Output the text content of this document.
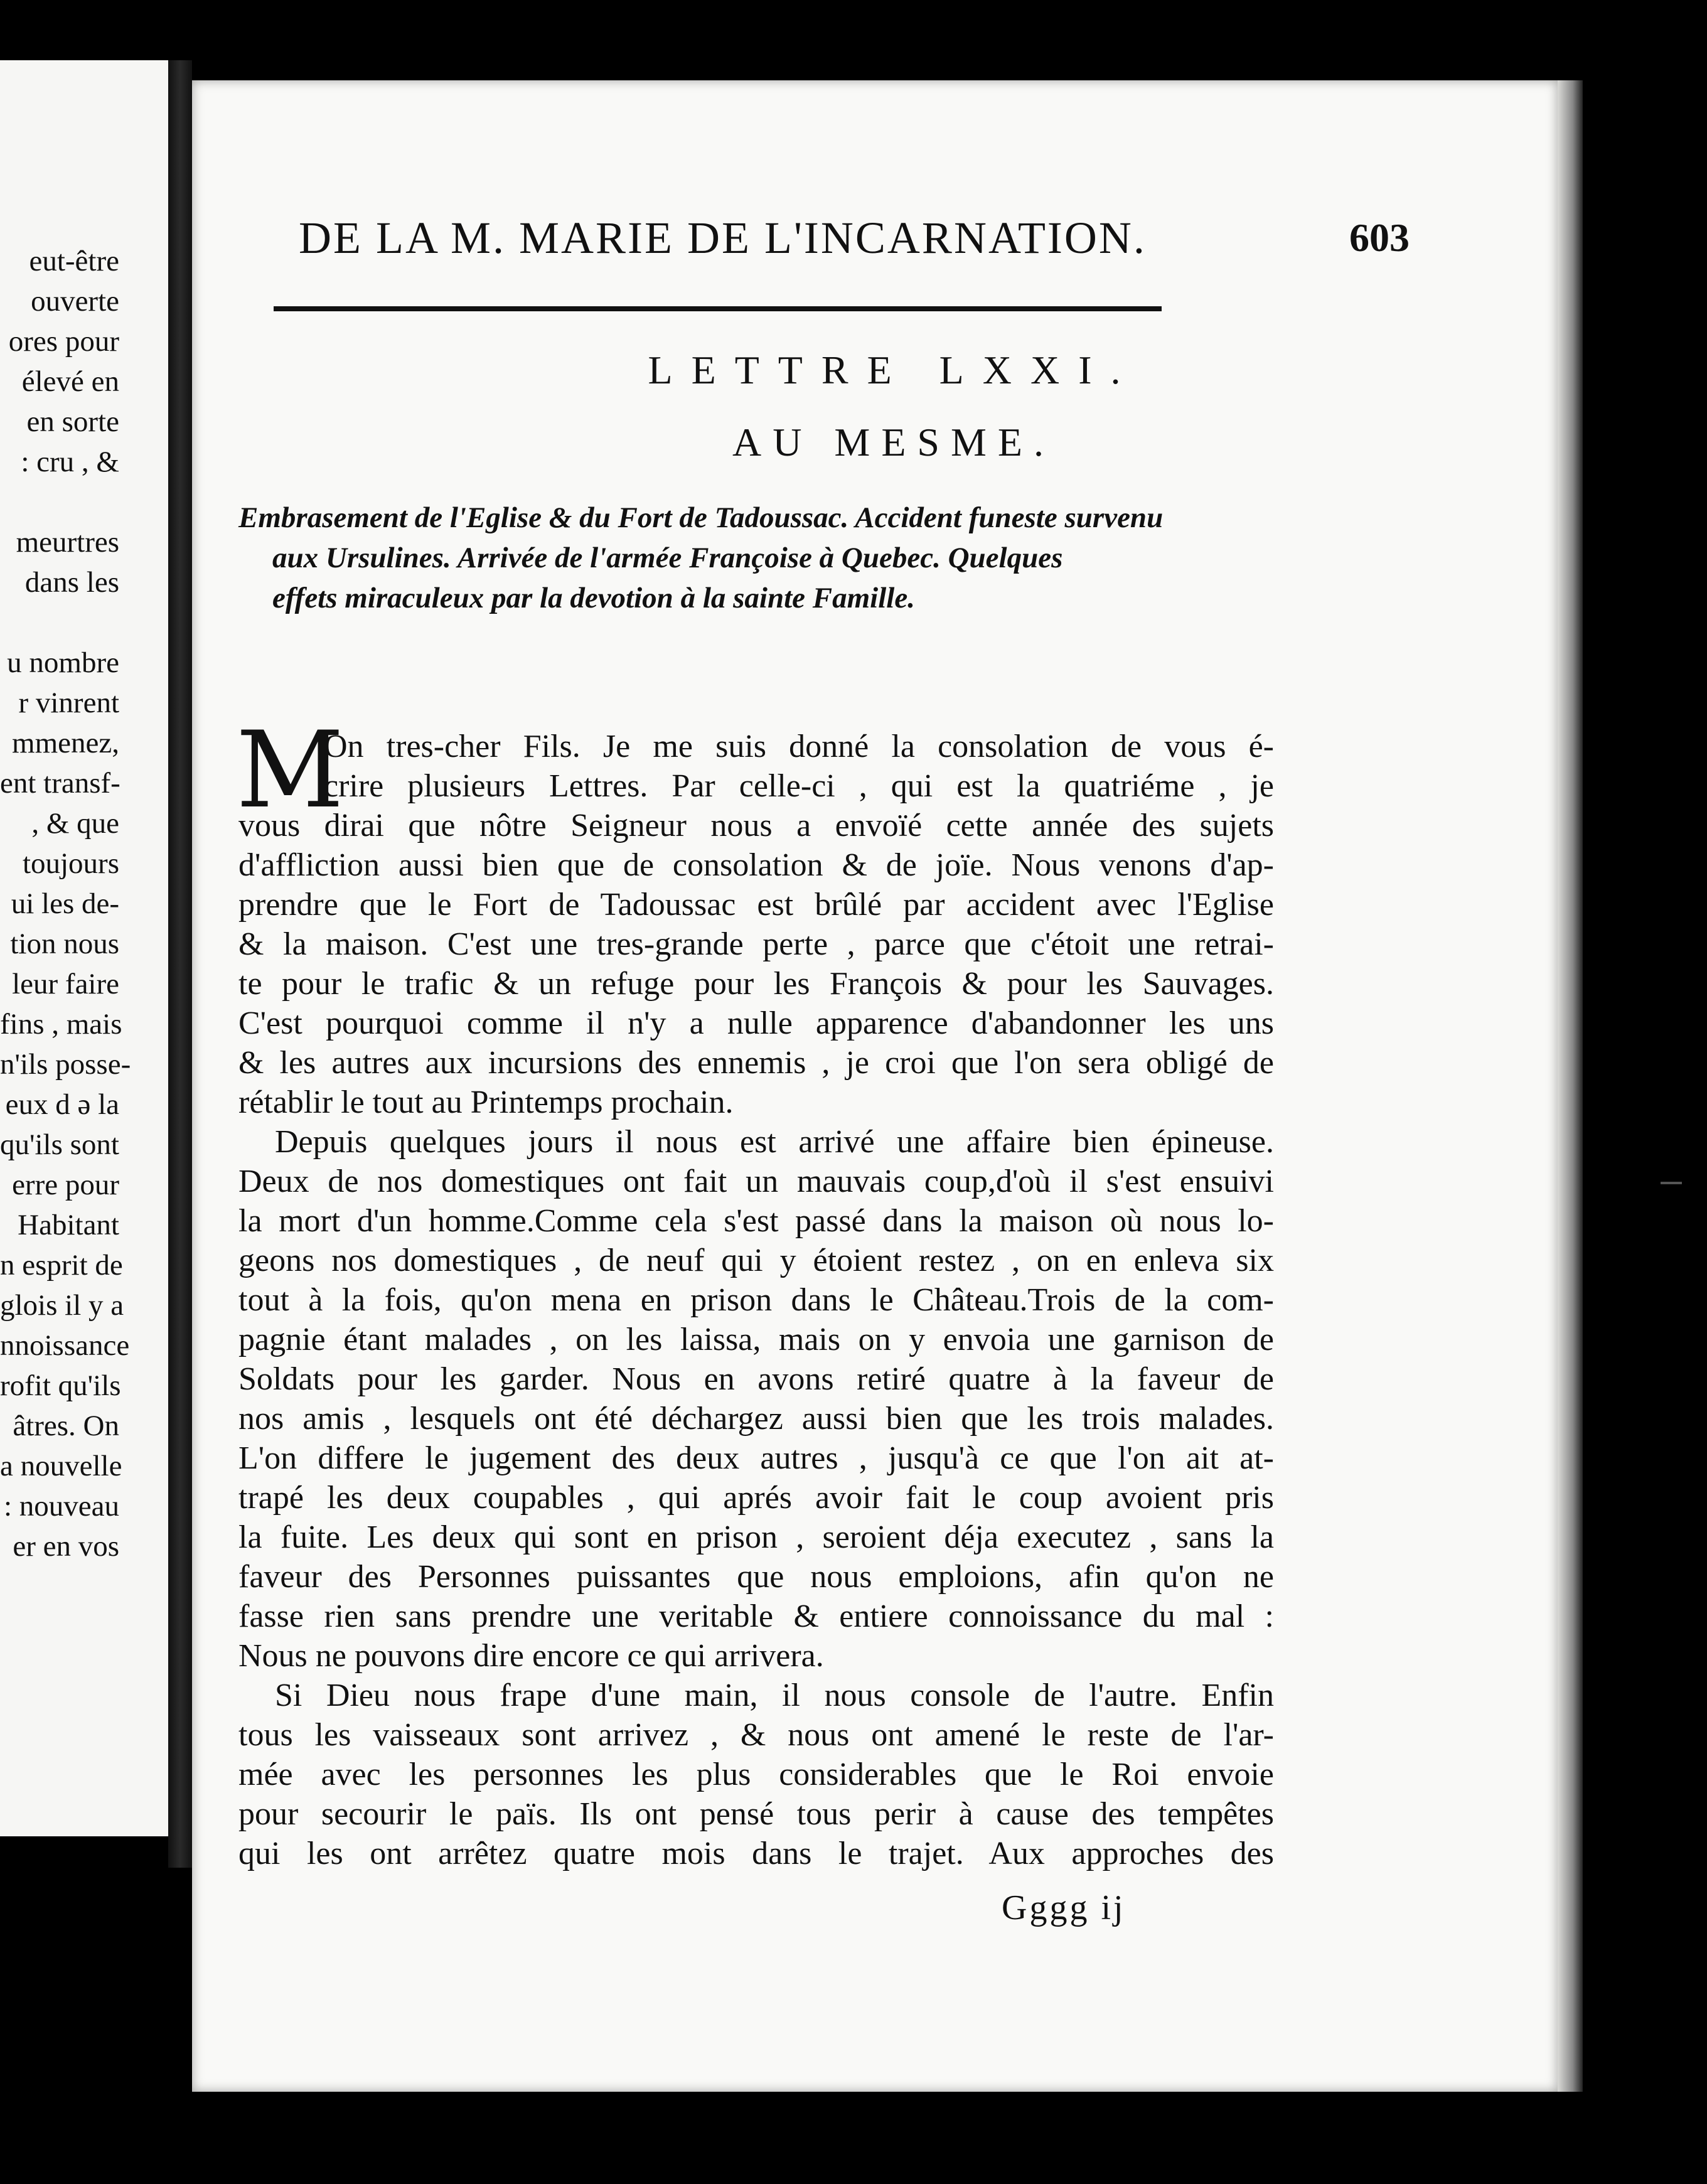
eut-être
ouverte
ores pour
élevé en
en sorte
: cru , &
meurtres
dans les
u nombre
r vinrent
mmenez,
ent transf-
, & que
toujours
ui les de-
tion nous
leur faire
fins , mais
n'ils posse-
eux d ə la
qu'ils sont
erre pour
Habitant
n esprit de
glois il y a
nnoissance
rofit qu'ils
âtres. On
a nouvelle
: nouveau
er en vos
DE LA M. MARIE DE L'INCARNATION.	603
LETTRE LXXI.
AU MESME.
Embrasement de l'Eglise & du Fort de Tadoussac. Accident funeste survenu
aux Ursulines. Arrivée de l'armée Françoise à Quebec. Quelques
effets miraculeux par la devotion à la sainte Famille.
M
On tres-cher Fils. Je me suis donné la consolation de vous é-
crire plusieurs Lettres. Par celle-ci , qui est la quatriéme , je
vous dirai que nôtre Seigneur nous a envoïé cette année des sujets
d'affliction aussi bien que de consolation & de joïe. Nous venons d'ap-
prendre que le Fort de Tadoussac est brûlé par accident avec l'Eglise
& la maison. C'est une tres-grande perte , parce que c'étoit une retrai-
te pour le trafic & un refuge pour les François & pour les Sauvages.
C'est pourquoi comme il n'y a nulle apparence d'abandonner les uns
& les autres aux incursions des ennemis , je croi que l'on sera obligé de
rétablir le tout au Printemps prochain.
Depuis quelques jours il nous est arrivé une affaire bien épineuse.
Deux de nos domestiques ont fait un mauvais coup,d'où il s'est ensuivi
la mort d'un homme.Comme cela s'est passé dans la maison où nous lo-
geons nos domestiques , de neuf qui y étoient restez , on en enleva six
tout à la fois, qu'on mena en prison dans le Château.Trois de la com-
pagnie étant malades , on les laissa, mais on y envoia une garnison de
Soldats pour les garder. Nous en avons retiré quatre à la faveur de
nos amis , lesquels ont été déchargez aussi bien que les trois malades.
L'on differe le jugement des deux autres , jusqu'à ce que l'on ait at-
trapé les deux coupables , qui aprés avoir fait le coup avoient pris
la fuite. Les deux qui sont en prison , seroient déja executez , sans la
faveur des Personnes puissantes que nous emploions, afin qu'on ne
fasse rien sans prendre une veritable & entiere connoissance du mal :
Nous ne pouvons dire encore ce qui arrivera.
Si Dieu nous frape d'une main, il nous console de l'autre. Enfin
tous les vaisseaux sont arrivez , & nous ont amené le reste de l'ar-
mée avec les personnes les plus considerables que le Roi envoie
pour secourir le païs. Ils ont pensé tous perir à cause des tempêtes
qui les ont arrêtez quatre mois dans le trajet. Aux approches des
Gggg ij
